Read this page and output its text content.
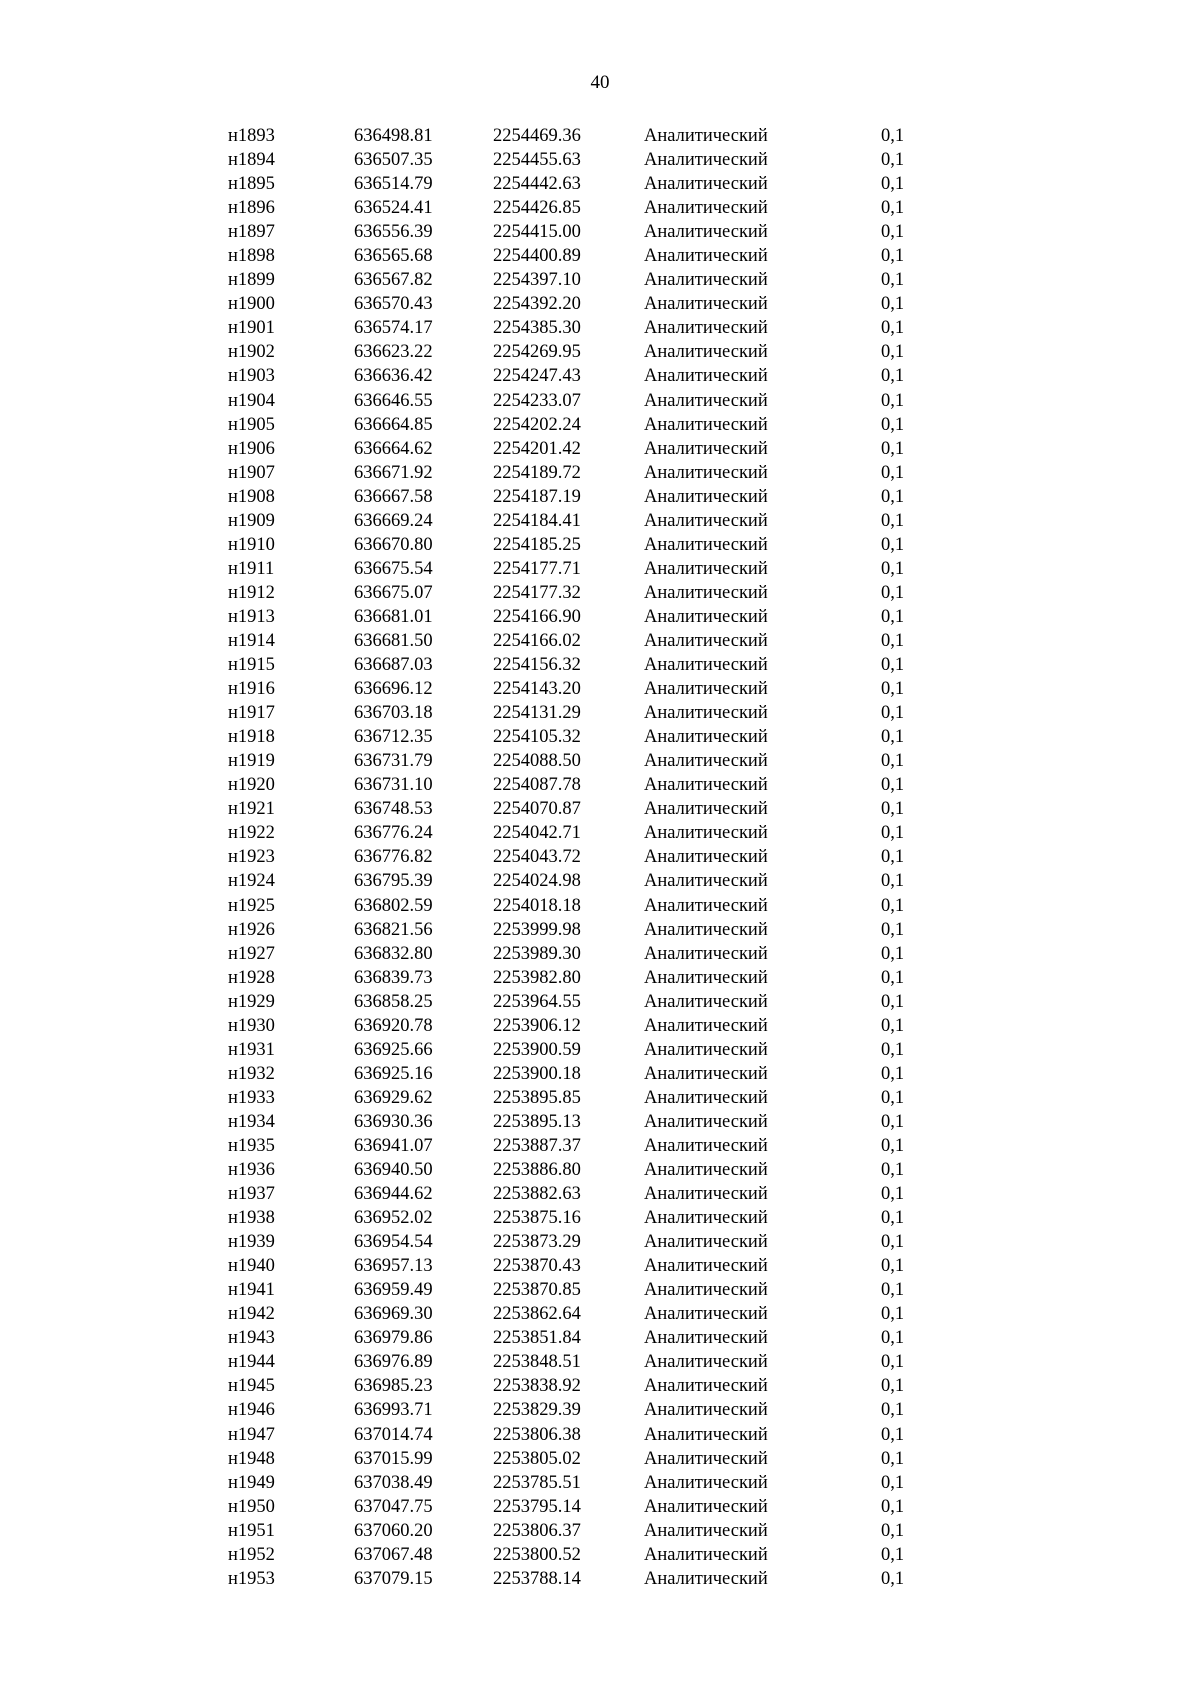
40
н1893	636498.81	2254469.36	Аналитический	0,1
н1894	636507.35	2254455.63	Аналитический	0,1
н1895	636514.79	2254442.63	Аналитический	0,1
н1896	636524.41	2254426.85	Аналитический	0,1
н1897	636556.39	2254415.00	Аналитический	0,1
н1898	636565.68	2254400.89	Аналитический	0,1
н1899	636567.82	2254397.10	Аналитический	0,1
н1900	636570.43	2254392.20	Аналитический	0,1
н1901	636574.17	2254385.30	Аналитический	0,1
н1902	636623.22	2254269.95	Аналитический	0,1
н1903	636636.42	2254247.43	Аналитический	0,1
н1904	636646.55	2254233.07	Аналитический	0,1
н1905	636664.85	2254202.24	Аналитический	0,1
н1906	636664.62	2254201.42	Аналитический	0,1
н1907	636671.92	2254189.72	Аналитический	0,1
н1908	636667.58	2254187.19	Аналитический	0,1
н1909	636669.24	2254184.41	Аналитический	0,1
н1910	636670.80	2254185.25	Аналитический	0,1
н1911	636675.54	2254177.71	Аналитический	0,1
н1912	636675.07	2254177.32	Аналитический	0,1
н1913	636681.01	2254166.90	Аналитический	0,1
н1914	636681.50	2254166.02	Аналитический	0,1
н1915	636687.03	2254156.32	Аналитический	0,1
н1916	636696.12	2254143.20	Аналитический	0,1
н1917	636703.18	2254131.29	Аналитический	0,1
н1918	636712.35	2254105.32	Аналитический	0,1
н1919	636731.79	2254088.50	Аналитический	0,1
н1920	636731.10	2254087.78	Аналитический	0,1
н1921	636748.53	2254070.87	Аналитический	0,1
н1922	636776.24	2254042.71	Аналитический	0,1
н1923	636776.82	2254043.72	Аналитический	0,1
н1924	636795.39	2254024.98	Аналитический	0,1
н1925	636802.59	2254018.18	Аналитический	0,1
н1926	636821.56	2253999.98	Аналитический	0,1
н1927	636832.80	2253989.30	Аналитический	0,1
н1928	636839.73	2253982.80	Аналитический	0,1
н1929	636858.25	2253964.55	Аналитический	0,1
н1930	636920.78	2253906.12	Аналитический	0,1
н1931	636925.66	2253900.59	Аналитический	0,1
н1932	636925.16	2253900.18	Аналитический	0,1
н1933	636929.62	2253895.85	Аналитический	0,1
н1934	636930.36	2253895.13	Аналитический	0,1
н1935	636941.07	2253887.37	Аналитический	0,1
н1936	636940.50	2253886.80	Аналитический	0,1
н1937	636944.62	2253882.63	Аналитический	0,1
н1938	636952.02	2253875.16	Аналитический	0,1
н1939	636954.54	2253873.29	Аналитический	0,1
н1940	636957.13	2253870.43	Аналитический	0,1
н1941	636959.49	2253870.85	Аналитический	0,1
н1942	636969.30	2253862.64	Аналитический	0,1
н1943	636979.86	2253851.84	Аналитический	0,1
н1944	636976.89	2253848.51	Аналитический	0,1
н1945	636985.23	2253838.92	Аналитический	0,1
н1946	636993.71	2253829.39	Аналитический	0,1
н1947	637014.74	2253806.38	Аналитический	0,1
н1948	637015.99	2253805.02	Аналитический	0,1
н1949	637038.49	2253785.51	Аналитический	0,1
н1950	637047.75	2253795.14	Аналитический	0,1
н1951	637060.20	2253806.37	Аналитический	0,1
н1952	637067.48	2253800.52	Аналитический	0,1
н1953	637079.15	2253788.14	Аналитический	0,1
